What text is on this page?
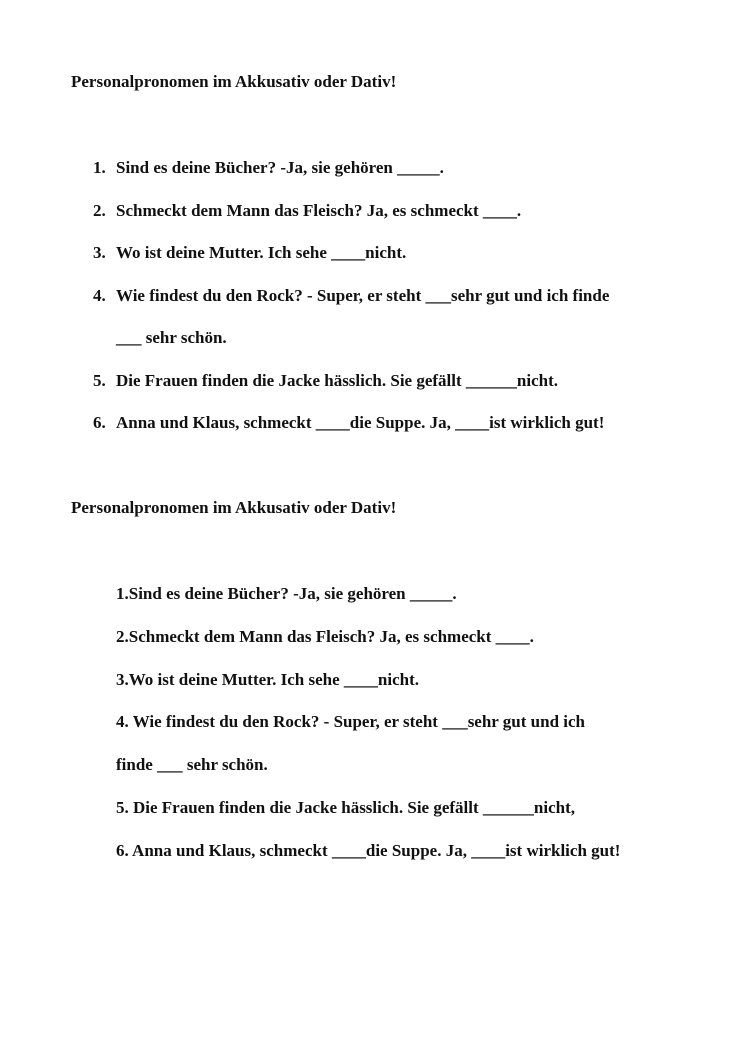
Personalpronomen im Akkusativ oder Dativ!
1. Sind es deine Bücher? -Ja, sie gehören _____.
2. Schmeckt dem Mann das Fleisch? Ja, es schmeckt ____.
3. Wo ist deine Mutter. Ich sehe ____nicht.
4. Wie findest du den Rock? - Super, er steht ___sehr gut und ich finde
___ sehr schön.
5. Die Frauen finden die Jacke hässlich. Sie gefällt ______nicht.
6. Anna und Klaus, schmeckt ____die Suppe. Ja, ____ist wirklich gut!
Personalpronomen im Akkusativ oder Dativ!
1.Sind es deine Bücher? -Ja, sie gehören _____.
2.Schmeckt dem Mann das Fleisch? Ja, es schmeckt ____.
3.Wo ist deine Mutter. Ich sehe ____nicht.
4. Wie findest du den Rock? - Super, er steht ___sehr gut und ich
finde ___ sehr schön.
5. Die Frauen finden die Jacke hässlich. Sie gefällt ______nicht,
6. Anna und Klaus, schmeckt ____die Suppe. Ja, ____ist wirklich gut!
